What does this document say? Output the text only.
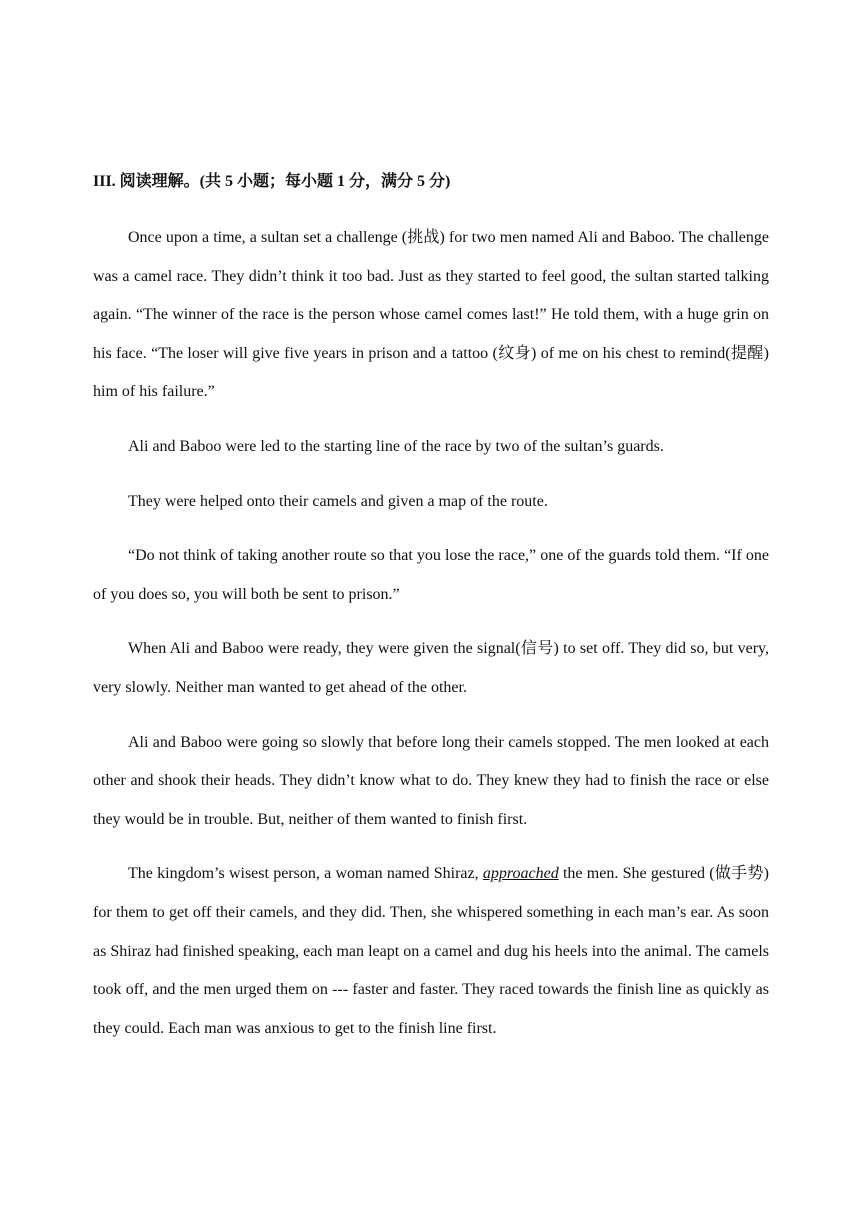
III. 阅读理解。(共 5 小题；每小题 1 分，满分 5 分)

Once upon a time, a sultan set a challenge (挑战) for two men named Ali and Baboo. The challenge was a camel race. They didn’t think it too bad. Just as they started to feel good, the sultan started talking again. “The winner of the race is the person whose camel comes last!” He told them, with a huge grin on his face. “The loser will give five years in prison and a tattoo (纹身) of me on his chest to remind(提醒) him of his failure.”

Ali and Baboo were led to the starting line of the race by two of the sultan’s guards.

They were helped onto their camels and given a map of the route.

“Do not think of taking another route so that you lose the race,” one of the guards told them. “If one of you does so, you will both be sent to prison.”

When Ali and Baboo were ready, they were given the signal(信号) to set off. They did so, but very, very slowly. Neither man wanted to get ahead of the other.

Ali and Baboo were going so slowly that before long their camels stopped. The men looked at each other and shook their heads. They didn’t know what to do. They knew they had to finish the race or else they would be in trouble. But, neither of them wanted to finish first.

The kingdom’s wisest person, a woman named Shiraz, approached the men. She gestured (做手势) for them to get off their camels, and they did. Then, she whispered something in each man’s ear. As soon as Shiraz had finished speaking, each man leapt on a camel and dug his heels into the animal. The camels took off, and the men urged them on --- faster and faster. They raced towards the finish line as quickly as they could. Each man was anxious to get to the finish line first.
